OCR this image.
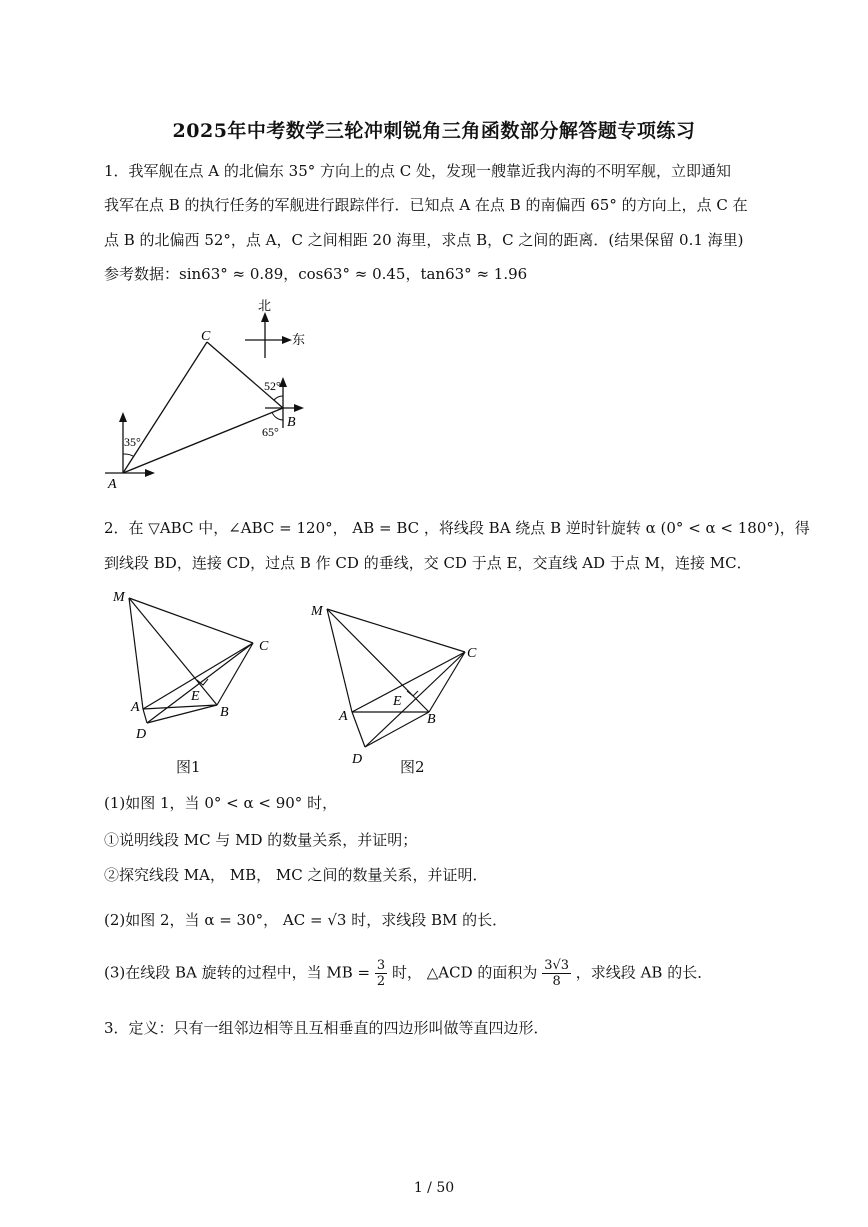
2025年中考数学三轮冲刺锐角三角函数部分解答题专项练习
1．我军舰在点 A 的北偏东 35° 方向上的点 C 处，发现一艘靠近我内海的不明军舰，立即通知
我军在点 B 的执行任务的军舰进行跟踪伴行．已知点 A 在点 B 的南偏西 65° 的方向上，点 C 在
点 B 的北偏西 52°，点 A，C 之间相距 20 海里，求点 B，C 之间的距离．(结果保留 0.1 海里)
参考数据：sin63° ≈ 0.89，cos63° ≈ 0.45，tan63° ≈ 1.96
北
东
C
B
A
52°
65°
35°
2．在 ▽ABC 中，∠ABC = 120°， AB = BC ，将线段 BA 绕点 B 逆时针旋转 α (0° < α < 180°)，得
到线段 BD，连接 CD，过点 B 作 CD 的垂线，交 CD 于点 E，交直线 AD 于点 M，连接 MC．
M
A	B
C
D
E
图1
M
A	B
C
D
E
图2
(1)如图 1，当 0° < α < 90° 时，
①说明线段 MC 与 MD 的数量关系，并证明；
②探究线段 MA， MB， MC 之间的数量关系，并证明．
(2)如图 2，当 α = 30°， AC = √3 时，求线段 BM 的长．
(3)在线段 BA 旋转的过程中，当 MB = $\frac{3}{2}$ 时， △ACD 的面积为 $\frac{3√3}{8}$ ，求线段 AB 的长．
3．定义：只有一组邻边相等且互相垂直的四边形叫做等直四边形．
1 / 50
